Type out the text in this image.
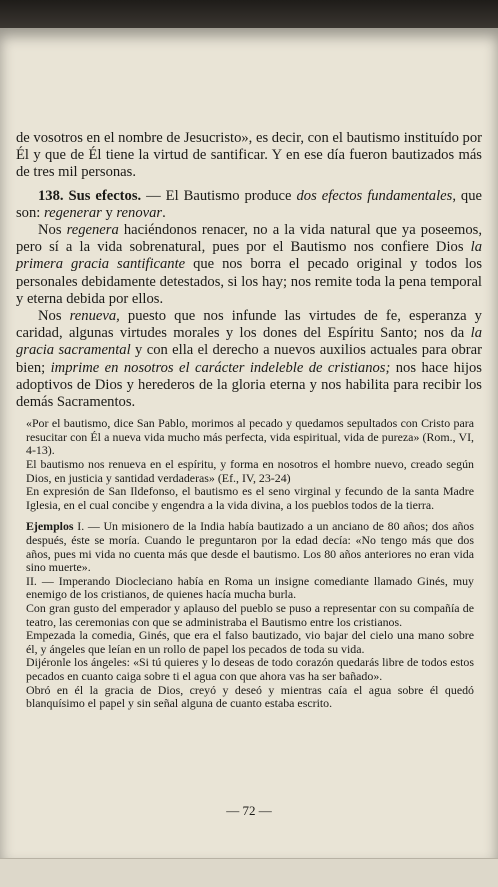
de vosotros en el nombre de Jesucristo», es decir, con el bautismo instituído por Él y que de Él tiene la virtud de santificar. Y en ese día fueron bautizados más de tres mil personas.

138. Sus efectos. — El Bautismo produce dos efectos fundamentales, que son: regenerar y renovar.

Nos regenera haciéndonos renacer, no a la vida natural que ya poseemos, pero sí a la vida sobrenatural, pues por el Bautismo nos confiere Dios la primera gracia santificante que nos borra el pecado original y todos los personales debidamente detestados, si los hay; nos remite toda la pena temporal y eterna debida por ellos.

Nos renueva, puesto que nos infunde las virtudes de fe, esperanza y caridad, algunas virtudes morales y los dones del Espíritu Santo; nos da la gracia sacramental y con ella el derecho a nuevos auxilios actuales para obrar bien; imprime en nosotros el carácter indeleble de cristianos; nos hace hijos adoptivos de Dios y herederos de la gloria eterna y nos habilita para recibir los demás Sacramentos.

«Por el bautismo, dice San Pablo, morimos al pecado y quedamos sepultados con Cristo para resucitar con Él a nueva vida mucho más perfecta, vida espiritual, vida de pureza» (Rom., VI, 4-13).

El bautismo nos renueva en el espíritu, y forma en nosotros el hombre nuevo, creado según Dios, en justicia y santidad verdaderas» (Ef., IV, 23-24)

En expresión de San Ildefonso, el bautismo es el seno virginal y fecundo de la santa Madre Iglesia, en el cual concibe y engendra a la vida divina, a los pueblos todos de la tierra.

Ejemplos I. — Un misionero de la India había bautizado a un anciano de 80 años; dos años después, éste se moría. Cuando le preguntaron por la edad decía: «No tengo más que dos años, pues mi vida no cuenta más que desde el bautismo. Los 80 años anteriores no eran vida sino muerte».

II. — Imperando Diocleciano había en Roma un insigne comediante llamado Ginés, muy enemigo de los cristianos, de quienes hacía mucha burla.

Con gran gusto del emperador y aplauso del pueblo se puso a representar con su compañía de teatro, las ceremonias con que se administraba el Bautismo entre los cristianos.

Empezada la comedia, Ginés, que era el falso bautizado, vio bajar del cielo una mano sobre él, y ángeles que leían en un rollo de papel los pecados de toda su vida.

Dijéronle los ángeles: «Si tú quieres y lo deseas de todo corazón quedarás libre de todos estos pecados en cuanto caiga sobre ti el agua con que ahora vas ha ser bañado».

Obró en él la gracia de Dios, creyó y deseó y mientras caía el agua sobre él quedó blanquísimo el papel y sin señal alguna de cuanto estaba escrito.

— 72 —
